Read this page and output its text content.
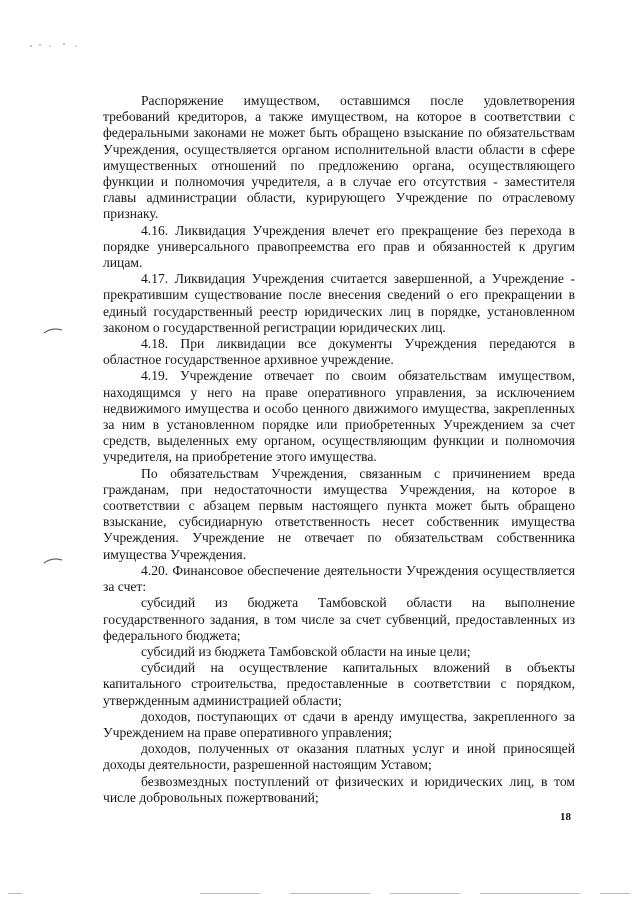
Распоряжение имуществом, оставшимся после удовлетворения требований кредиторов, а также имуществом, на которое в соответствии с федеральными законами не может быть обращено взыскание по обязательствам Учреждения, осуществляется органом исполнительной власти области в сфере имущественных отношений по предложению органа, осуществляющего функции и полномочия учредителя, а в случае его отсутствия - заместителя главы администрации области, курирующего Учреждение по отраслевому признаку.

4.16. Ликвидация Учреждения влечет его прекращение без перехода в порядке универсального правопреемства его прав и обязанностей к другим лицам.

4.17. Ликвидация Учреждения считается завершенной, а Учреждение - прекратившим существование после внесения сведений о его прекращении в единый государственный реестр юридических лиц в порядке, установленном законом о государственной регистрации юридических лиц.

4.18. При ликвидации все документы Учреждения передаются в областное государственное архивное учреждение.

4.19. Учреждение отвечает по своим обязательствам имуществом, находящимся у него на праве оперативного управления, за исключением недвижимого имущества и особо ценного движимого имущества, закрепленных за ним в установленном порядке или приобретенных Учреждением за счет средств, выделенных ему органом, осуществляющим функции и полномочия учредителя, на приобретение этого имущества.

По обязательствам Учреждения, связанным с причинением вреда гражданам, при недостаточности имущества Учреждения, на которое в соответствии с абзацем первым настоящего пункта может быть обращено взыскание, субсидиарную ответственность несет собственник имущества Учреждения. Учреждение не отвечает по обязательствам собственника имущества Учреждения.

4.20. Финансовое обеспечение деятельности Учреждения осуществляется за счет:

субсидий из бюджета Тамбовской области на выполнение государственного задания, в том числе за счет субвенций, предоставленных из федерального бюджета;

субсидий из бюджета Тамбовской области на иные цели;

субсидий на осуществление капитальных вложений в объекты капитального строительства, предоставленные в соответствии с порядком, утвержденным администрацией области;

доходов, поступающих от сдачи в аренду имущества, закрепленного за Учреждением на праве оперативного управления;

доходов, полученных от оказания платных услуг и иной приносящей доходы деятельности, разрешенной настоящим Уставом;

безвозмездных поступлений от физических и юридических лиц, в том числе добровольных пожертвований;

18
